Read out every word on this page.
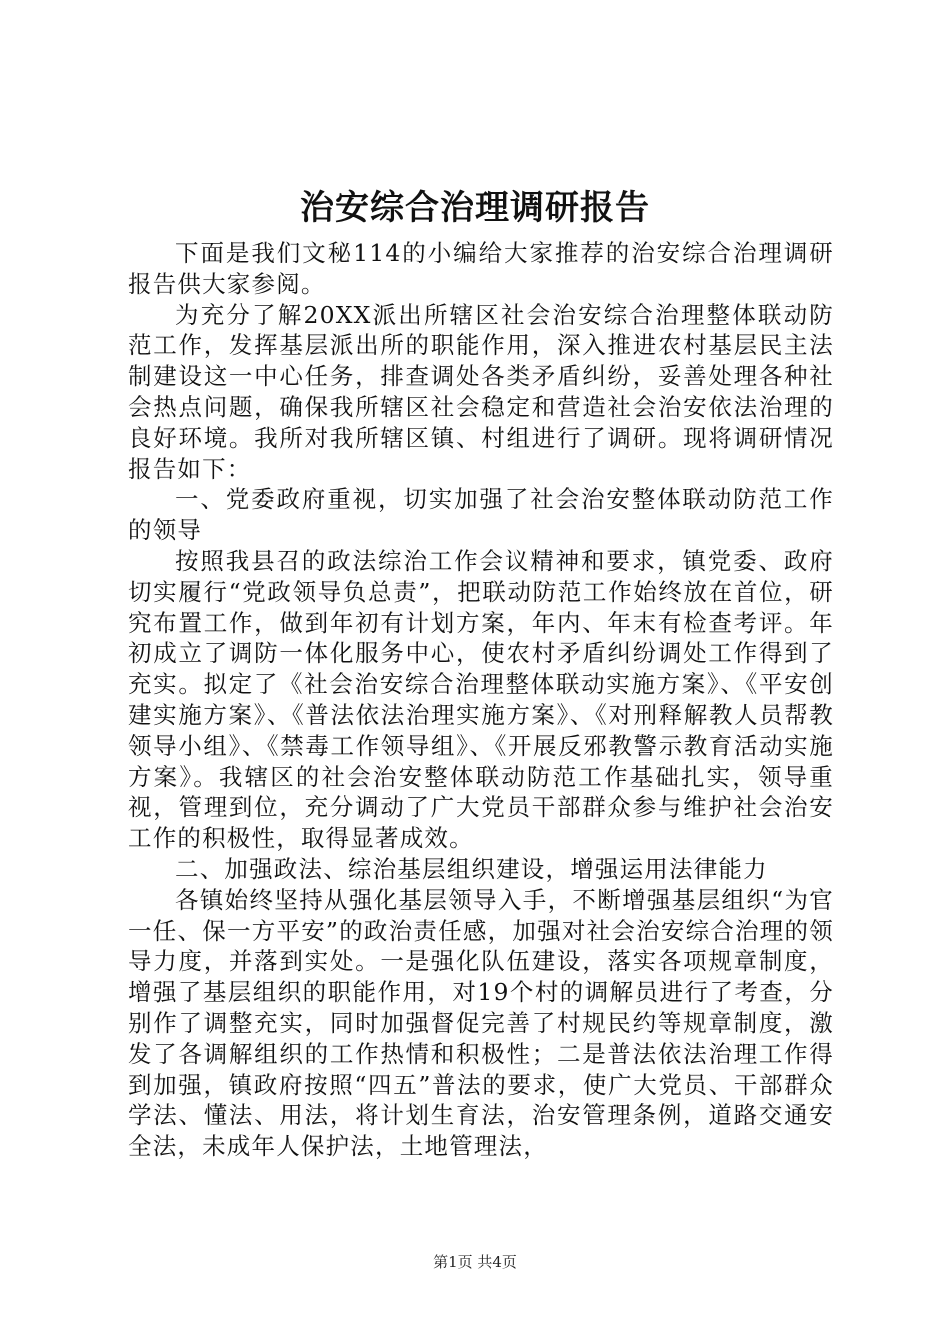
治安综合治理调研报告

下面是我们文秘114的小编给大家推荐的治安综合治理调研报告供大家参阅。

为充分了解20XX派出所辖区社会治安综合治理整体联动防范工作，发挥基层派出所的职能作用，深入推进农村基层民主法制建设这一中心任务，排查调处各类矛盾纠纷，妥善处理各种社会热点问题，确保我所辖区社会稳定和营造社会治安依法治理的良好环境。我所对我所辖区镇、村组进行了调研。现将调研情况报告如下：

一、党委政府重视，切实加强了社会治安整体联动防范工作的领导

按照我县召的政法综治工作会议精神和要求，镇党委、政府切实履行“党政领导负总责”，把联动防范工作始终放在首位，研究布置工作，做到年初有计划方案，年内、年末有检查考评。年初成立了调防一体化服务中心，使农村矛盾纠纷调处工作得到了充实。拟定了《社会治安综合治理整体联动实施方案》、《平安创建实施方案》、《普法依法治理实施方案》、《对刑释解教人员帮教领导小组》、《禁毒工作领导组》、《开展反邪教警示教育活动实施方案》。我辖区的社会治安整体联动防范工作基础扎实，领导重视，管理到位，充分调动了广大党员干部群众参与维护社会治安工作的积极性，取得显著成效。

二、加强政法、综治基层组织建设，增强运用法律能力

各镇始终坚持从强化基层领导入手，不断增强基层组织“为官一任、保一方平安”的政治责任感，加强对社会治安综合治理的领导力度，并落到实处。一是强化队伍建设，落实各项规章制度，增强了基层组织的职能作用，对19个村的调解员进行了考查，分别作了调整充实，同时加强督促完善了村规民约等规章制度，激发了各调解组织的工作热情和积极性；二是普法依法治理工作得到加强，镇政府按照“四五”普法的要求，使广大党员、干部群众学法、懂法、用法，将计划生育法，治安管理条例，道路交通安全法，未成年人保护法，土地管理法，

第1页 共4页
